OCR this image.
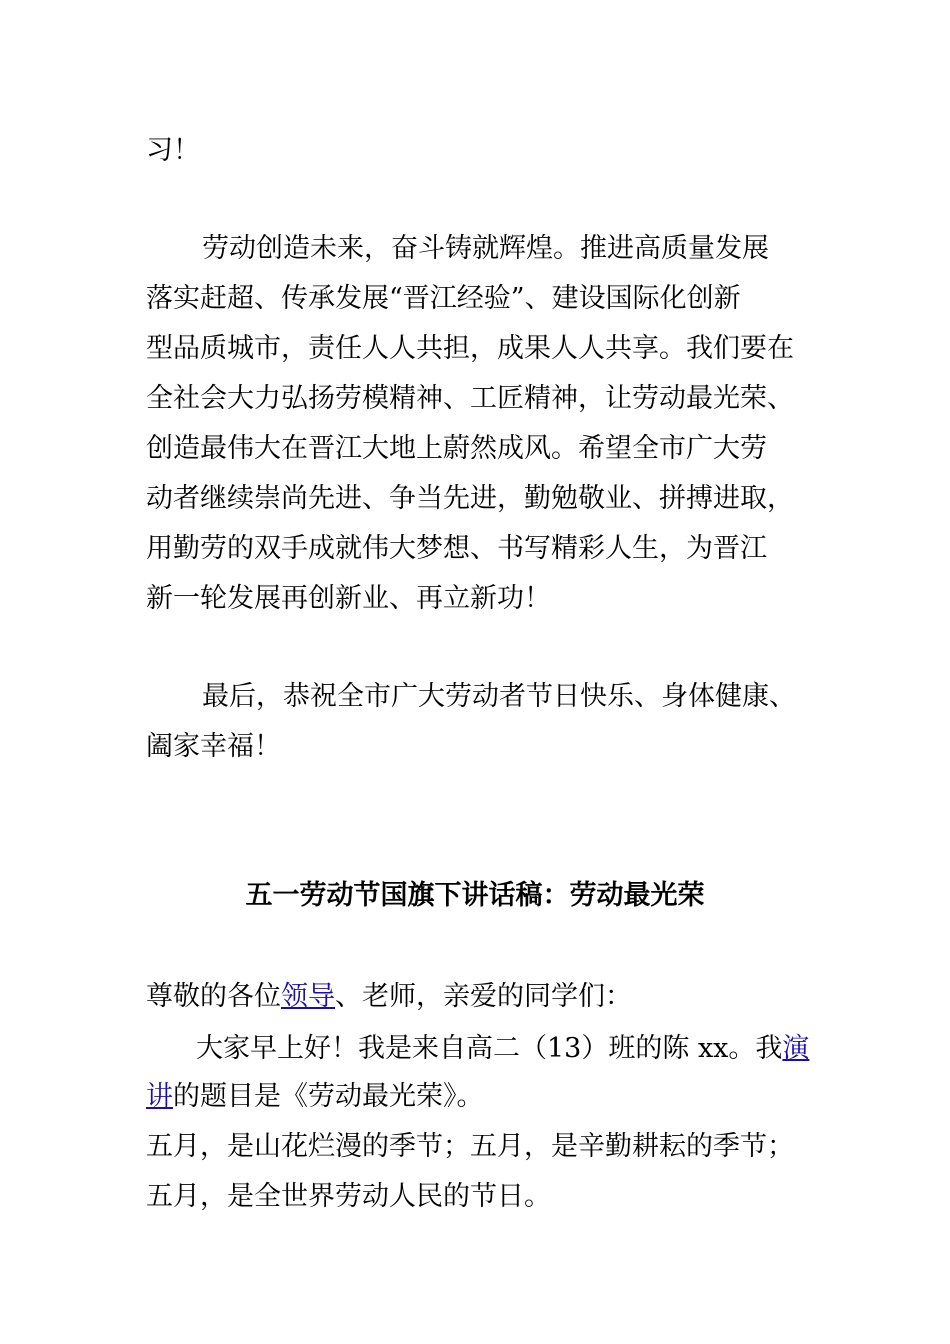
习！
劳动创造未来，奋斗铸就辉煌。推进高质量发展
落实赶超、传承发展“晋江经验”、建设国际化创新
型品质城市，责任人人共担，成果人人共享。我们要在
全社会大力弘扬劳模精神、工匠精神，让劳动最光荣、
创造最伟大在晋江大地上蔚然成风。希望全市广大劳
动者继续崇尚先进、争当先进，勤勉敬业、拼搏进取，
用勤劳的双手成就伟大梦想、书写精彩人生，为晋江
新一轮发展再创新业、再立新功！
最后，恭祝全市广大劳动者节日快乐、身体健康、
阖家幸福！
五一劳动节国旗下讲话稿：劳动最光荣
尊敬的各位领导、老师，亲爱的同学们：
大家早上好！我是来自高二（13）班的陈 xx。我演
讲的题目是《劳动最光荣》。
五月，是山花烂漫的季节；五月，是辛勤耕耘的季节；
五月，是全世界劳动人民的节日。
